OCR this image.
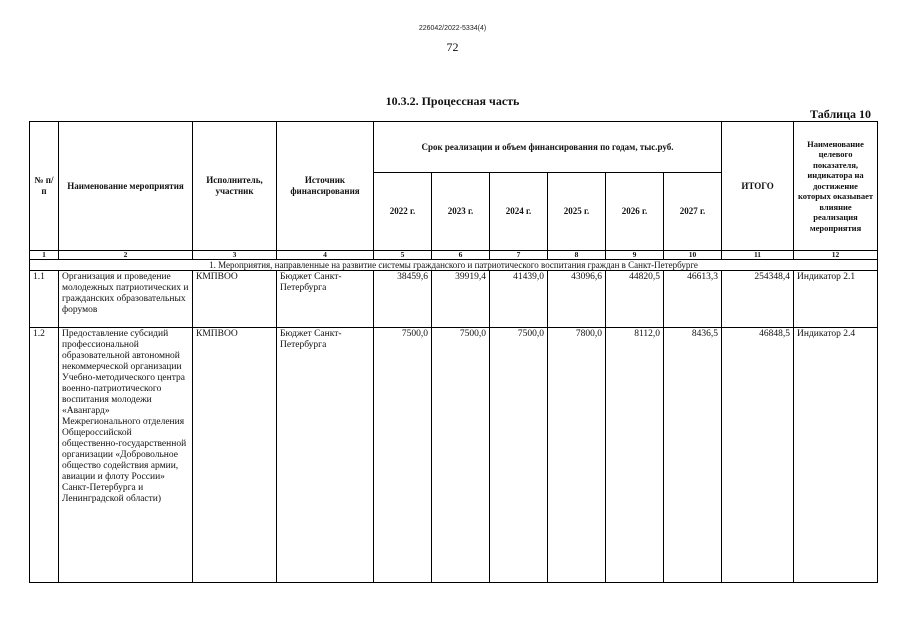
226042/2022-5334(4)
72
10.3.2. Процессная часть
Таблица 10
№ п/п	Наименование мероприятия	Исполнитель, участник	Источник финансирования	Срок реализации и объем финансирования по годам, тыс.руб.						ИТОГО	Наименование целевого показателя, индикатора на достижение которых оказывает влияние реализация мероприятия
				2022 г.	2023 г.	2024 г.	2025 г.	2026 г.	2027 г.		
1	2	3	4	5	6	7	8	9	10	11	12
1. Мероприятия, направленные на развитие системы гражданского и патриотического воспитания граждан в Санкт-Петербурге											
1.1	Организация и проведение молодежных патриотических и гражданских образовательных форумов	КМПВОО	Бюджет Санкт-Петербурга	38459,6	39919,4	41439,0	43096,6	44820,5	46613,3	254348,4	Индикатор 2.1
1.2	Предоставление субсидий профессиональной образовательной автономной некоммерческой организации Учебно-методического центра военно-патриотического воспитания молодежи «Авангард» Межрегионального отделения Общероссийской общественно-государственной организации «Добровольное общество содействия армии, авиации и флоту России» Санкт-Петербурга и Ленинградской области)	КМПВОО	Бюджет Санкт-Петербурга	7500,0	7500,0	7500,0	7800,0	8112,0	8436,5	46848,5	Индикатор 2.4
